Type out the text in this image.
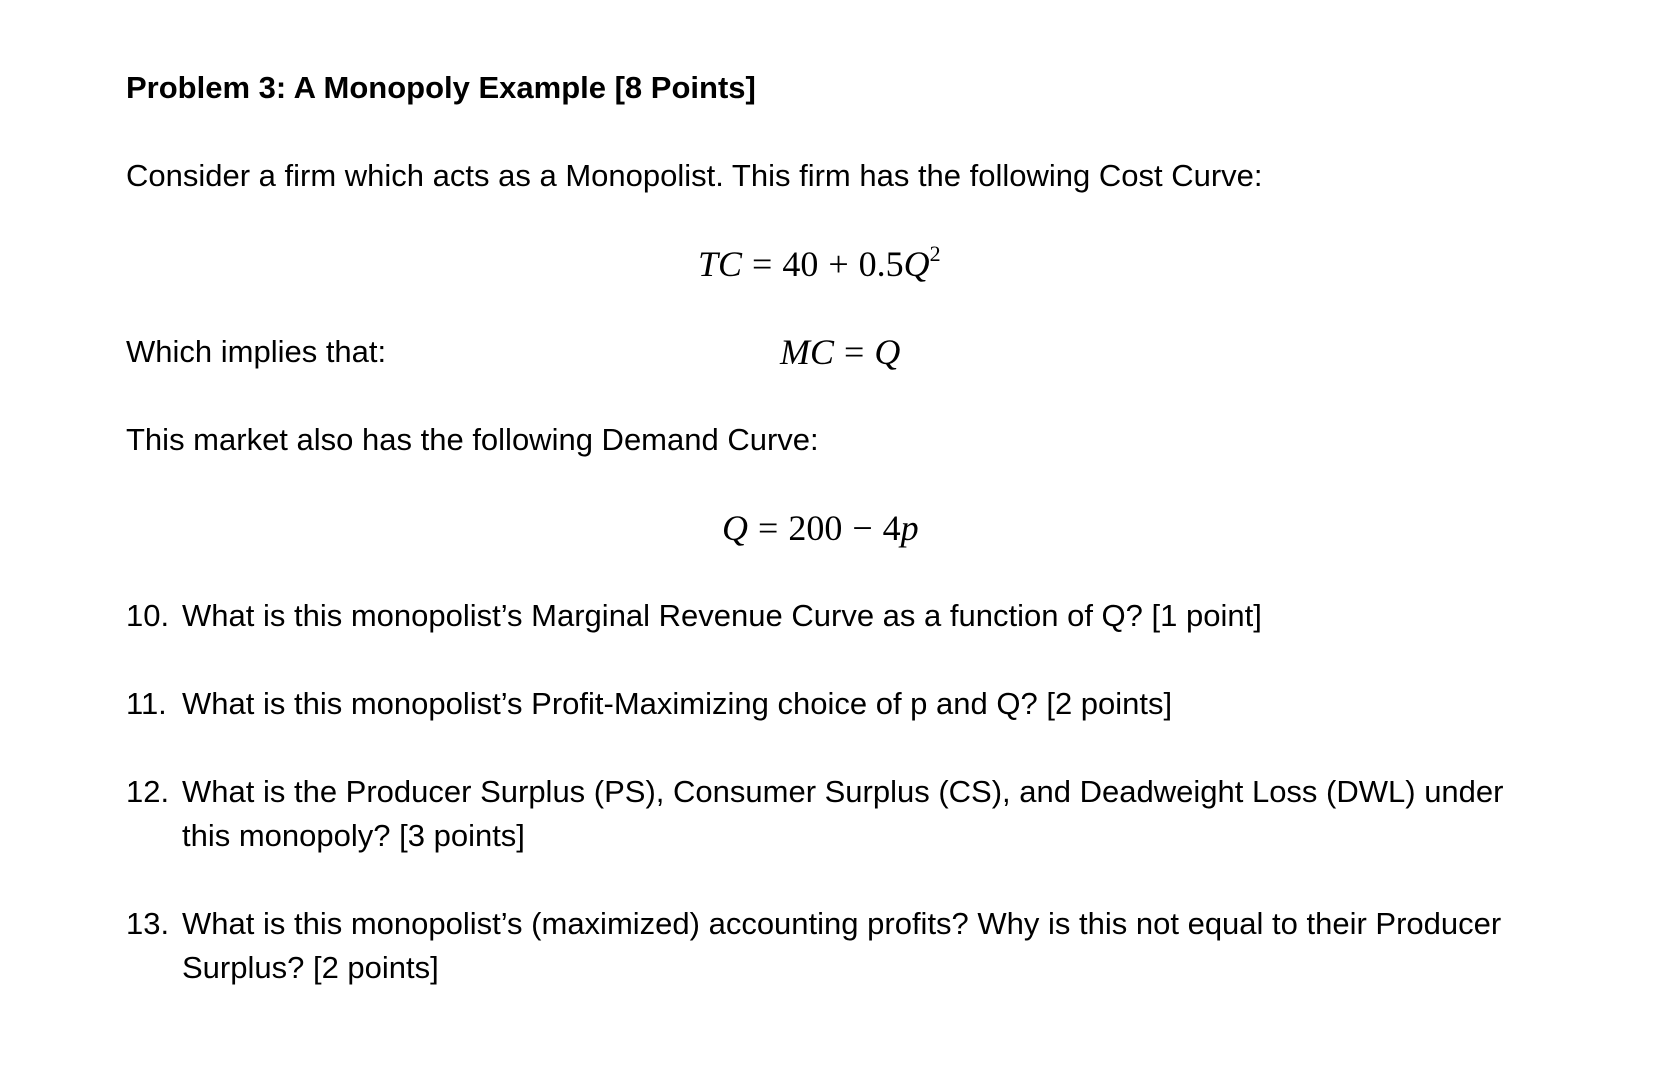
Problem 3: A Monopoly Example [8 Points]
Consider a firm which acts as a Monopolist. This firm has the following Cost Curve:
TC = $40 + 0.5Q^2$
Which implies that:	MC = Q
This market also has the following Demand Curve:
Q = 200 − 4p
10. What is this monopolist’s Marginal Revenue Curve as a function of Q? [1 point]
11. What is this monopolist’s Profit-Maximizing choice of p and Q? [2 points]
12. What is the Producer Surplus (PS), Consumer Surplus (CS), and Deadweight Loss (DWL) under this monopoly? [3 points]
13. What is this monopolist’s (maximized) accounting profits? Why is this not equal to their Producer Surplus? [2 points]
